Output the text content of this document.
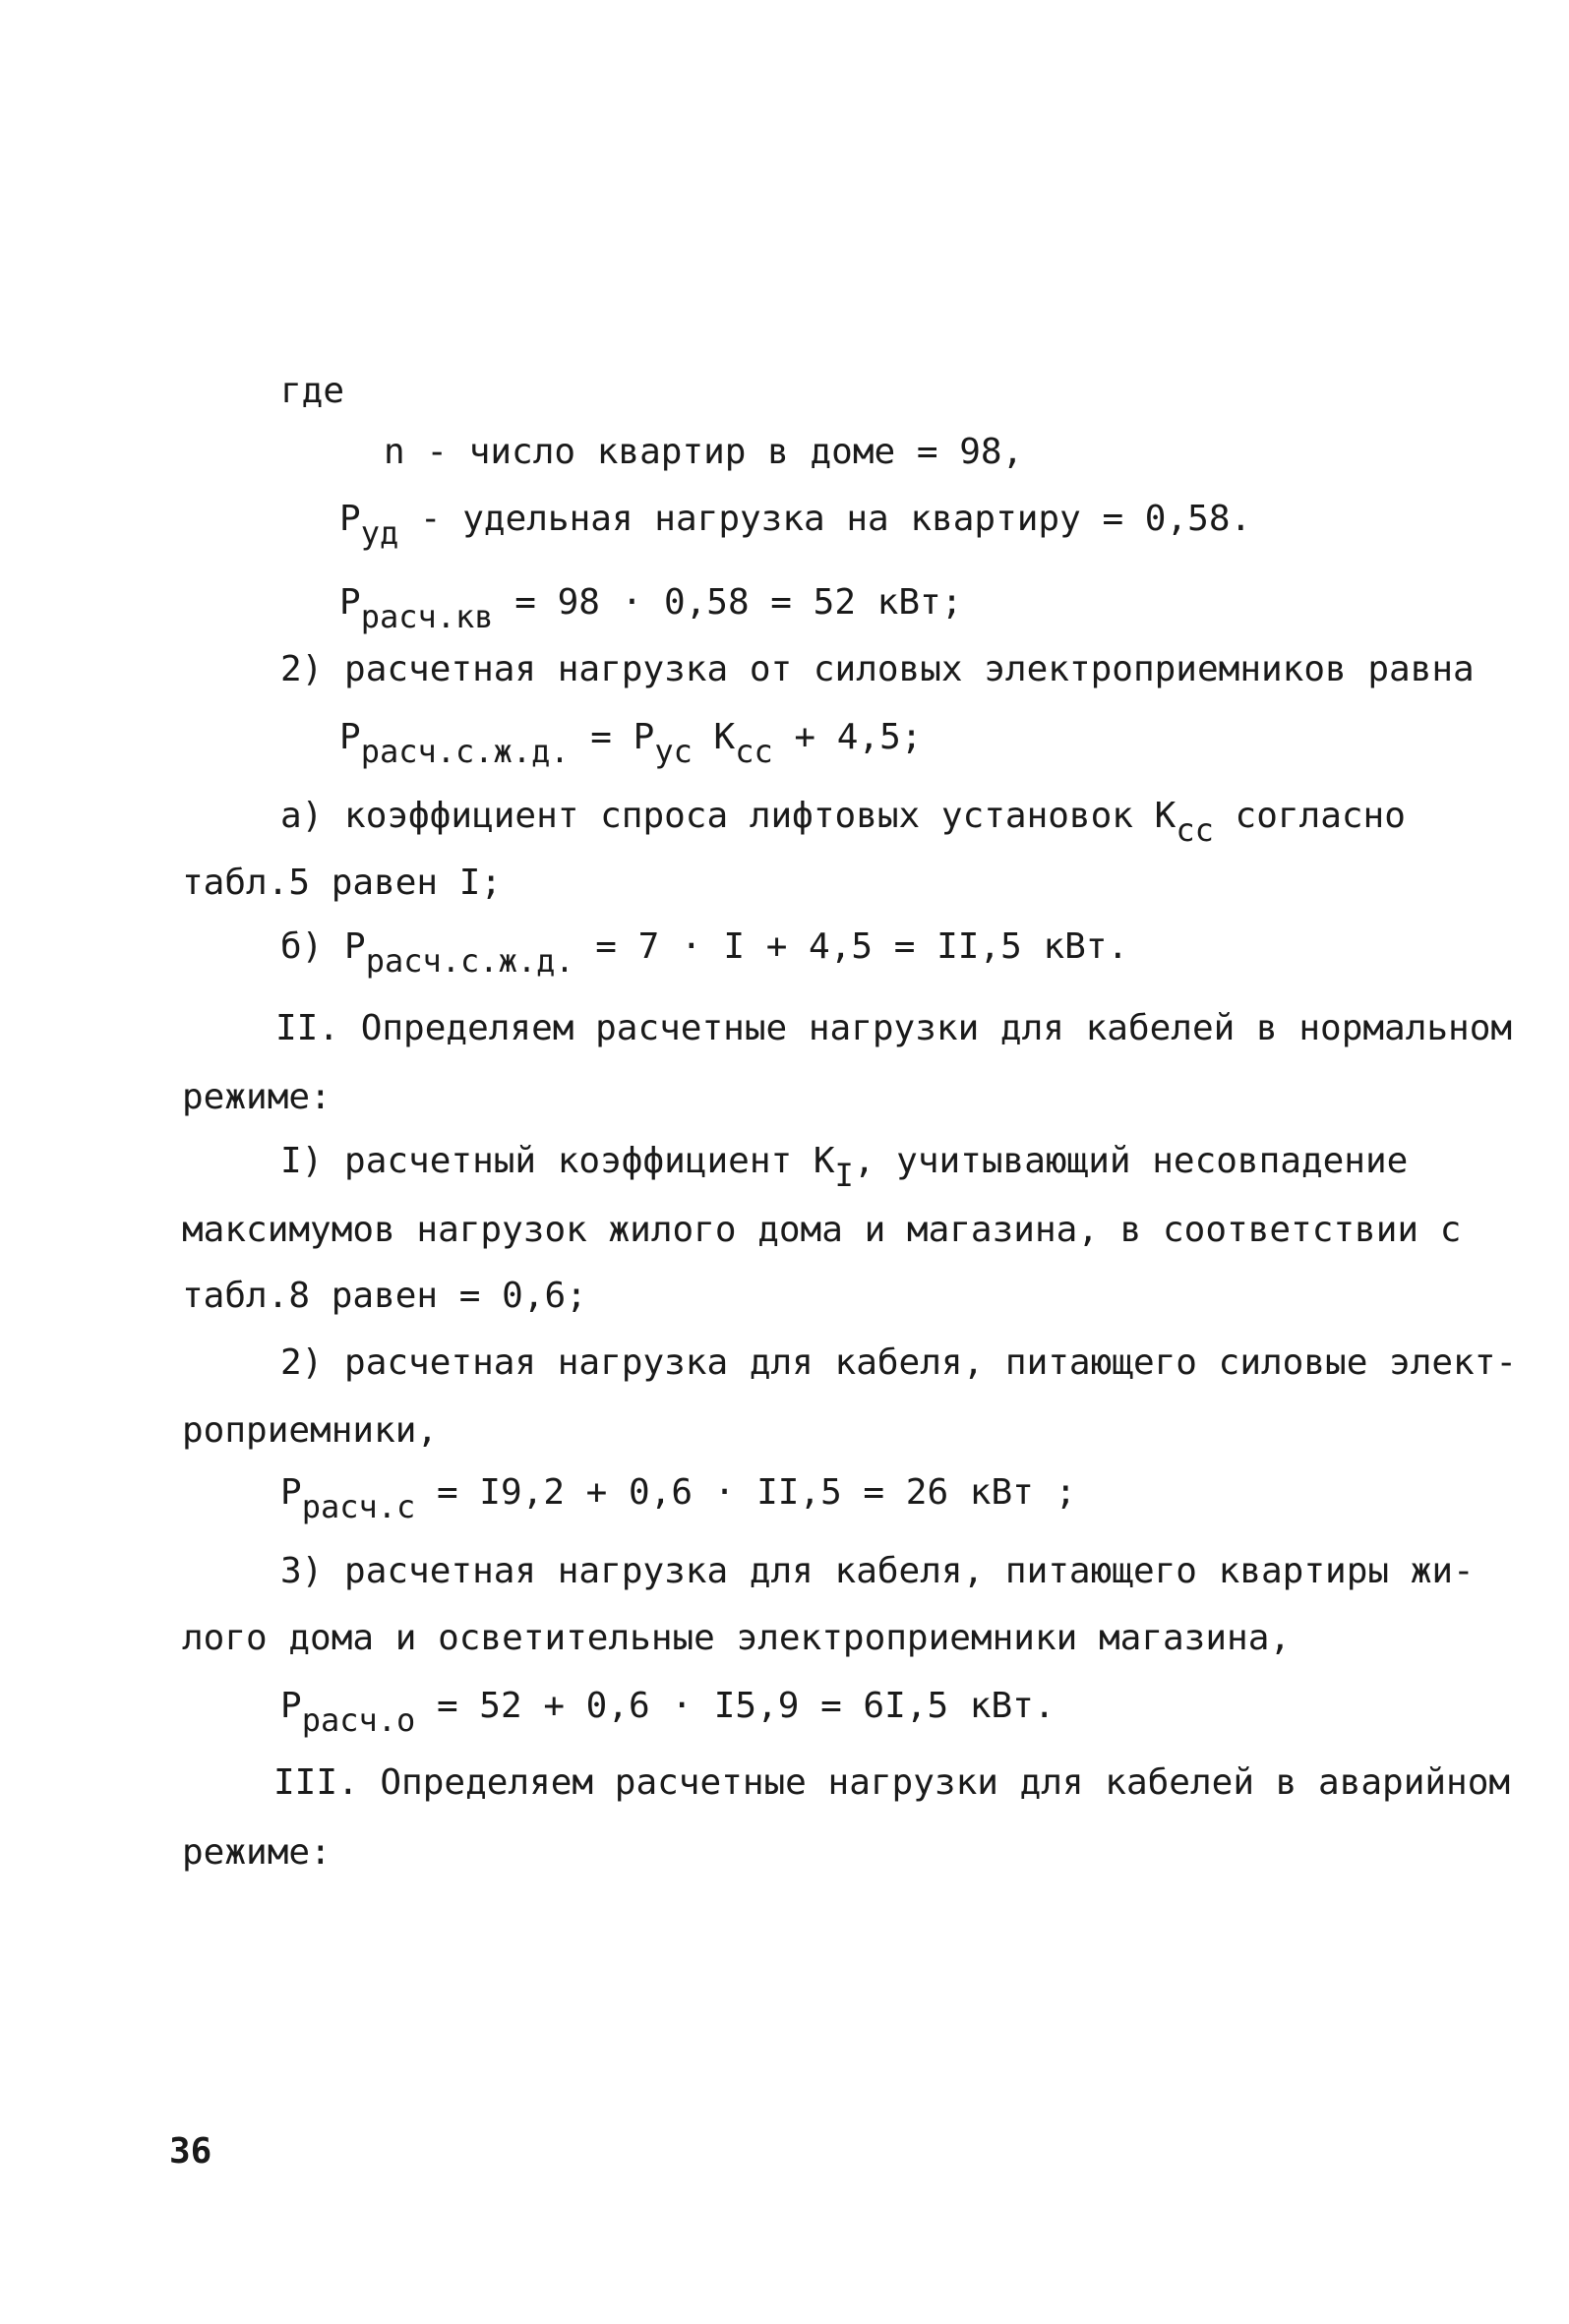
где
n - число квартир в доме = 98,
$P_{уд}$ - удельная нагрузка на квартиру = 0,58.
$P_{расч.кв} = 98 \cdot 0,58 = 52$ кВт;
2) расчетная нагрузка от силовых электроприемников равна
$P_{расч.с.ж.д.} = P_{ус}$ $K_{сс} + 4,5$;
а) коэффициент спроса лифтовых установок $K_{сс}$ согласно
табл.5 равен I;
б) $P_{расч.с.ж.д.} = 7 \cdot I + 4,5 = II,5$ кВт.
II. Определяем расчетные нагрузки для кабелей в нормальном
режиме:
I) расчетный коэффициент $K_I$, учитывающий несовпадение
максимумов нагрузок жилого дома и магазина, в соответствии с
табл.8 равен = 0,6;
2) расчетная нагрузка для кабеля, питающего силовые элект-
роприемники,
$P_{расч.с} = I9,2 + 0,6 \cdot II,5 = 26$ кВт ;
3) расчетная нагрузка для кабеля, питающего квартиры жи-
лого дома и осветительные электроприемники магазина,
$P_{расч.о} = 52 + 0,6 \cdot I5,9 = 6I,5$ кВт.
III. Определяем расчетные нагрузки для кабелей в аварийном
режиме:
36
